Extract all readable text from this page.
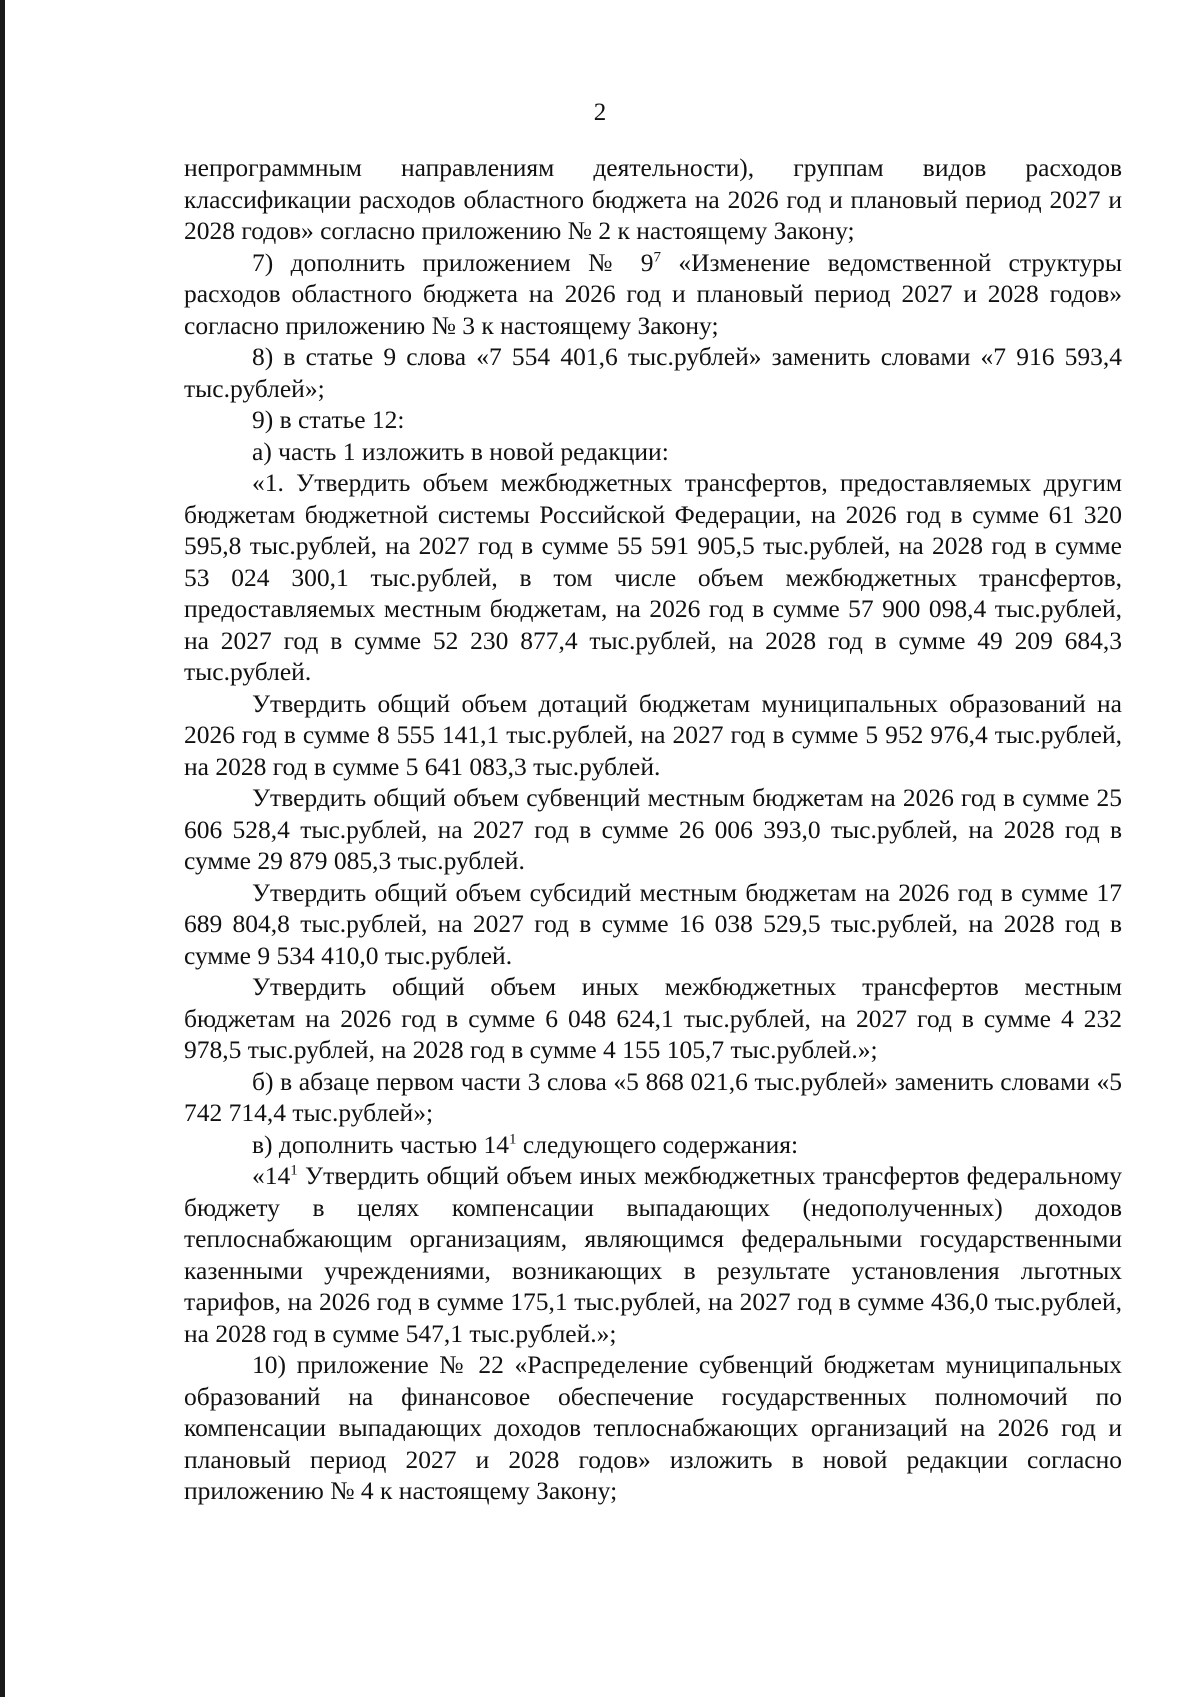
2

непрограммным направлениям деятельности), группам видов расходов классификации расходов областного бюджета на 2026 год и плановый период 2027 и 2028 годов» согласно приложению № 2 к настоящему Закону;

7) дополнить приложением № $9^7$ «Изменение ведомственной структуры расходов областного бюджета на 2026 год и плановый период 2027 и 2028 годов» согласно приложению № 3 к настоящему Закону;

8) в статье 9 слова «7 554 401,6 тыс.рублей» заменить словами «7 916 593,4 тыс.рублей»;

9) в статье 12:

а) часть 1 изложить в новой редакции:

«1. Утвердить объем межбюджетных трансфертов, предоставляемых другим бюджетам бюджетной системы Российской Федерации, на 2026 год в сумме 61 320 595,8 тыс.рублей, на 2027 год в сумме 55 591 905,5 тыс.рублей, на 2028 год в сумме 53 024 300,1 тыс.рублей, в том числе объем межбюджетных трансфертов, предоставляемых местным бюджетам, на 2026 год в сумме 57 900 098,4 тыс.рублей, на 2027 год в сумме 52 230 877,4 тыс.рублей, на 2028 год в сумме 49 209 684,3 тыс.рублей.

Утвердить общий объем дотаций бюджетам муниципальных образований на 2026 год в сумме 8 555 141,1 тыс.рублей, на 2027 год в сумме 5 952 976,4 тыс.рублей, на 2028 год в сумме 5 641 083,3 тыс.рублей.

Утвердить общий объем субвенций местным бюджетам на 2026 год в сумме 25 606 528,4 тыс.рублей, на 2027 год в сумме 26 006 393,0 тыс.рублей, на 2028 год в сумме 29 879 085,3 тыс.рублей.

Утвердить общий объем субсидий местным бюджетам на 2026 год в сумме 17 689 804,8 тыс.рублей, на 2027 год в сумме 16 038 529,5 тыс.рублей, на 2028 год в сумме 9 534 410,0 тыс.рублей.

Утвердить общий объем иных межбюджетных трансфертов местным бюджетам на 2026 год в сумме 6 048 624,1 тыс.рублей, на 2027 год в сумме 4 232 978,5 тыс.рублей, на 2028 год в сумме 4 155 105,7 тыс.рублей.»;

б) в абзаце первом части 3 слова «5 868 021,6 тыс.рублей» заменить словами «5 742 714,4 тыс.рублей»;

в) дополнить частью $14^1$ следующего содержания:

«$14^1$ Утвердить общий объем иных межбюджетных трансфертов федеральному бюджету в целях компенсации выпадающих (недополученных) доходов теплоснабжающим организациям, являющимся федеральными государственными казенными учреждениями, возникающих в результате установления льготных тарифов, на 2026 год в сумме 175,1 тыс.рублей, на 2027 год в сумме 436,0 тыс.рублей, на 2028 год в сумме 547,1 тыс.рублей.»;

10) приложение № 22 «Распределение субвенций бюджетам муниципальных образований на финансовое обеспечение государственных полномочий по компенсации выпадающих доходов теплоснабжающих организаций на 2026 год и плановый период 2027 и 2028 годов» изложить в новой редакции согласно приложению № 4 к настоящему Закону;
